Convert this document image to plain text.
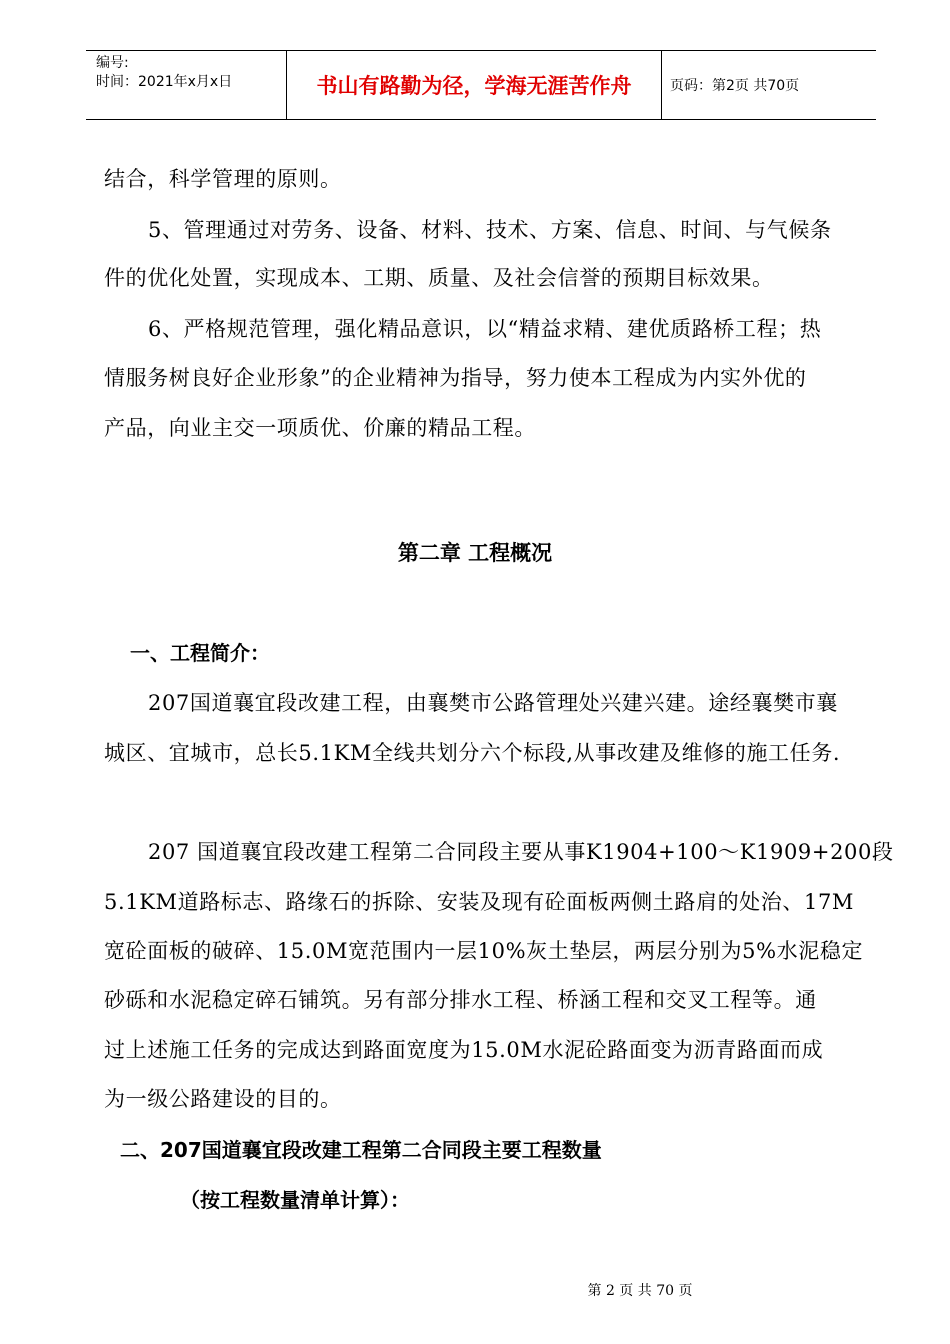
编号:
时间：2021年x月x日	书山有路勤为径，学海无涯苦作舟	页码：第2页 共70页
结合，科学管理的原则。
5、管理通过对劳务、设备、材料、技术、方案、信息、时间、与气候条
件的优化处置，实现成本、工期、质量、及社会信誉的预期目标效果。
6、严格规范管理，强化精品意识，以“精益求精、建优质路桥工程；热
情服务树良好企业形象”的企业精神为指导，努力使本工程成为内实外优的
产品，向业主交一项质优、价廉的精品工程。
第二章 工程概况
一、工程简介：
207国道襄宜段改建工程，由襄樊市公路管理处兴建兴建。途经襄樊市襄
城区、宜城市，总长5.1KM全线共划分六个标段,从事改建及维修的施工任务.
207 国道襄宜段改建工程第二合同段主要从事K1904+100～K1909+200段
5.1KM道路标志、路缘石的拆除、安装及现有砼面板两侧土路肩的处治、17M
宽砼面板的破碎、15.0M宽范围内一层10%灰土垫层，两层分别为5%水泥稳定
砂砾和水泥稳定碎石铺筑。另有部分排水工程、桥涵工程和交叉工程等。通
过上述施工任务的完成达到路面宽度为15.0M水泥砼路面变为沥青路面而成
为一级公路建设的目的。
二、207国道襄宜段改建工程第二合同段主要工程数量
（按工程数量清单计算）：
第 2 页 共 70 页
